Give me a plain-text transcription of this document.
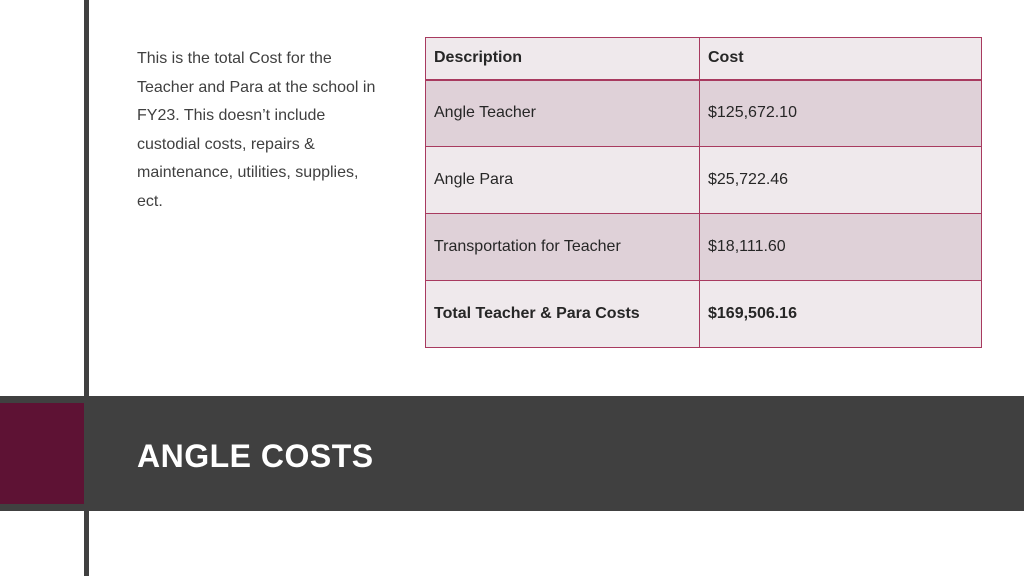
This is the total Cost for the Teacher and Para at the school in FY23. This doesn’t include custodial costs, repairs & maintenance, utilities, supplies, ect.

Description	Cost
Angle Teacher	$125,672.10
Angle Para	$25,722.46
Transportation for Teacher	$18,111.60
Total Teacher & Para Costs	$169,506.16
ANGLE COSTS
